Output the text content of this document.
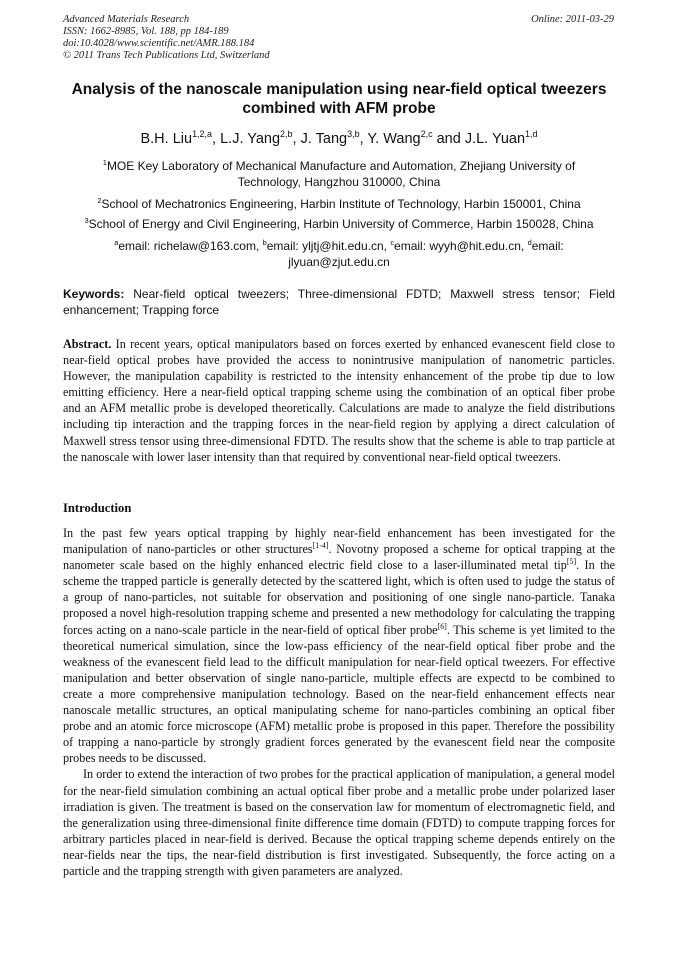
Advanced Materials Research
ISSN: 1662-8985, Vol. 188, pp 184-189
doi:10.4028/www.scientific.net/AMR.188.184
© 2011 Trans Tech Publications Ltd, Switzerland
Online: 2011-03-29
Analysis of the nanoscale manipulation using near-field optical tweezers
combined with AFM probe
B.H. Liu$^{1,2,a}$, L.J. Yang$^{2,b}$, J. Tang$^{3,b}$, Y. Wang$^{2,c}$ and J.L. Yuan$^{1,d}$
$^1$MOE Key Laboratory of Mechanical Manufacture and Automation, Zhejiang University of Technology, Hangzhou 310000, China
$^2$School of Mechatronics Engineering, Harbin Institute of Technology, Harbin 150001, China
$^3$School of Energy and Civil Engineering, Harbin University of Commerce, Harbin 150028, China
$^a$email: richelaw@163.com, $^b$email: yljtj@hit.edu.cn, $^c$email: wyyh@hit.edu.cn, $^d$email: jlyuan@zjut.edu.cn
Keywords: Near-field optical tweezers; Three-dimensional FDTD; Maxwell stress tensor; Field enhancement; Trapping force
Abstract. In recent years, optical manipulators based on forces exerted by enhanced evanescent field close to near-field optical probes have provided the access to nonintrusive manipulation of nanometric particles. However, the manipulation capability is restricted to the intensity enhancement of the probe tip due to low emitting efficiency. Here a near-field optical trapping scheme using the combination of an optical fiber probe and an AFM metallic probe is developed theoretically. Calculations are made to analyze the field distributions including tip interaction and the trapping forces in the near-field region by applying a direct calculation of Maxwell stress tensor using three-dimensional FDTD. The results show that the scheme is able to trap particle at the nanoscale with lower laser intensity than that required by conventional near-field optical tweezers.
Introduction
In the past few years optical trapping by highly near-field enhancement has been investigated for the manipulation of nano-particles or other structures[1-4]. Novotny proposed a scheme for optical trapping at the nanometer scale based on the highly enhanced electric field close to a laser-illuminated metal tip[5]. In the scheme the trapped particle is generally detected by the scattered light, which is often used to judge the status of a group of nano-particles, not suitable for observation and positioning of one single nano-particle. Tanaka proposed a novel high-resolution trapping scheme and presented a new methodology for calculating the trapping forces acting on a nano-scale particle in the near-field of optical fiber probe[6]. This scheme is yet limited to the theoretical numerical simulation, since the low-pass efficiency of the near-field optical fiber probe and the weakness of the evanescent field lead to the difficult manipulation for near-field optical tweezers. For effective manipulation and better observation of single nano-particle, multiple effects are expectd to be combined to create a more comprehensive manipulation technology. Based on the near-field enhancement effects near nanoscale metallic structures, an optical manipulating scheme for nano-particles combining an optical fiber probe and an atomic force microscope (AFM) metallic probe is proposed in this paper. Therefore the possibility of trapping a nano-particle by strongly gradient forces generated by the evanescent field near the composite probes needs to be discussed.
In order to extend the interaction of two probes for the practical application of manipulation, a general model for the near-field simulation combining an actual optical fiber probe and a metallic probe under polarized laser irradiation is given. The treatment is based on the conservation law for momentum of electromagnetic field, and the generalization using three-dimensional finite difference time domain (FDTD) to compute trapping forces for arbitrary particles placed in near-field is derived. Because the optical trapping scheme depends entirely on the near-fields near the tips, the near-field distribution is first investigated. Subsequently, the force acting on a particle and the trapping strength with given parameters are analyzed.
